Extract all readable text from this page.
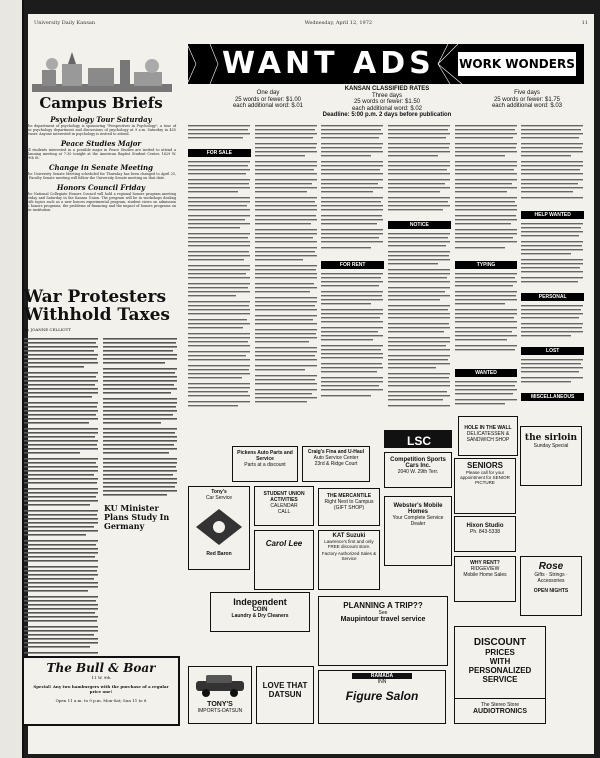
University Daily Kansan	Wednesday, April 12, 1972	11
Campus Briefs
Psychology Tour Saturday
The department of psychology is sponsoring "Perspectives in Psychology", a tour of the psychology department and discussions of psychology at 9 a.m. Saturday in 455 Fraser. Anyone interested in psychology is invited to attend.
Peace Studies Major
All students interested in a possible major in Peace Studies are invited to attend a planning meeting at 7:30 tonight at the American Baptist Student Center, 1629 W. 19th St.
Change in Senate Meeting
The University Senate Meeting scheduled for Thursday has been changed to April 25, a Faculty Senate meeting will follow the University Senate meeting on that date.
Honors Council Friday
The National Collegiate Honors Council will hold a regional honors program meeting Friday and Saturday in the Kansas Union. The program will be in workshops dealing with topics such as a new honors experimental program, student views on admission to honors programs, the problems of financing and the impact of honors programs on the institution.
War Protesters Withhold Taxes
By JOANNE CELLIOTT
KU Minister Plans Study In Germany
The Bull & Boar
11 W. 9th
Special! Any two hamburgers with the purchase of a regular price one!
Open 11 a.m. to 9 p.m. Mon-Sat; Sun 11 to 8
WANT ADS WORK WONDERS
One day
25 words or fewer: $1.00
each additional word: $.01
KANSAN CLASSIFIED RATES
Three days
25 words or fewer: $1.50
each additional word: $.02
Deadline: 5:00 p.m. 2 days before publication
Five days
25 words or fewer: $1.75
each additional word: $.03
FOR SALE
FOR RENT
NOTICE
TYPING
WANTED
HELP WANTED
PERSONAL
LOST
MISCELLANEOUS
Pickens Auto Parts and Service
Parts at a discount
Craig's Fina and U-Haul
Auto Service Center
23rd & Ridge Court
LSC
Competition Sports Cars Inc.
2040 W. 29th Terr.
SENIORS
Please call for your appointment for SENIOR PICTURE
the sirloin
Sunday Special
HOLE IN THE WALL
DELICATESSEN & SANDWICH SHOP
Tony's
Car Service
Red Baron
STUDENT UNION ACTIVITIES
CALENDAR
CALL
THE MERCANTILE
Right Next to Campus
(GIFT SHOP)
Carol Lee
KAT Suzuki
Lawrence's first and only FREE discount store.
Factory Authorized Sales & Service
Webster's Mobile Homes
Your Complete Service Dealer	Hixon Studio
Ph. 843-5338
WHY RENT?
RIDGEVIEW
Mobile Home Sales
Rose
Gifts · Strings · Accessories
OPEN NIGHTS
Independent
COIN
Laundry & Dry Cleaners
PLANNING A TRIP??
See
Maupintour travel service
DISCOUNT
PRICES
WITH
PERSONALIZED
SERVICE
TONY'S
IMPORTS-DATSUN
LOVE THAT
DATSUN
RAMADA
INN
Figure Salon
The Stereo Store
AUDIOTRONICS
